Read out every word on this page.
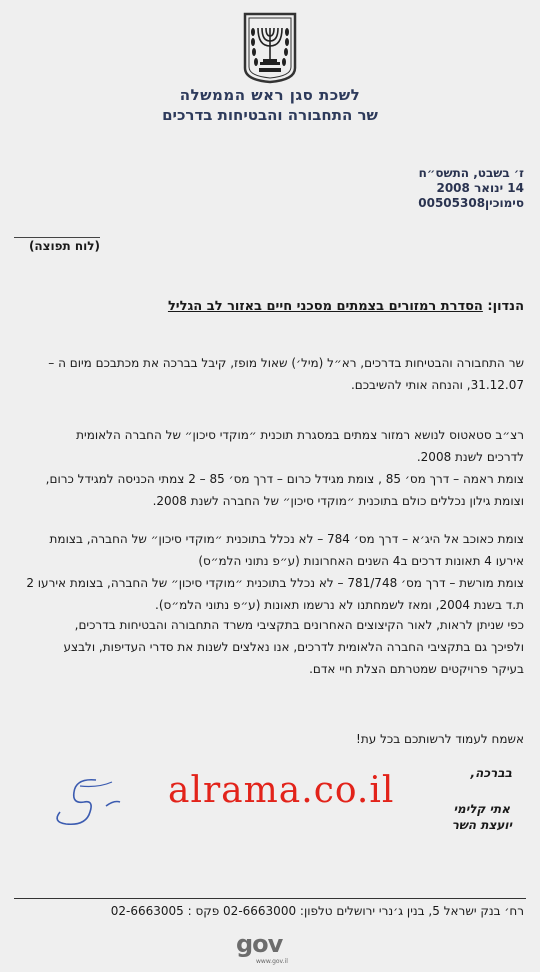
לשכת סגן ראש הממשלה
שר התחבורה והבטיחות בדרכים
ז׳ בשבט, התשס״ח
14 ינואר 2008
סימוכין00505308
(לוח תפוצה)
הנדון: הסדרת רמזורים בצמתים מסכני חיים באזור לב הגליל
שר התחבורה והבטיחות בדרכים, רא״ל (מיל׳) שאול מופז, קיבל בברכה את מכתבכם מיום ה –
31.12.07, והנחה אותי להשיבכם.
רצ״ב סטאטוס לנושא רמזור צמתים במסגרת תוכנית ״מוקדי סיכון״ של החברה הלאומית
לדרכים לשנת 2008.
צומת ראמה – דרך מס׳ 85 , צומת מגידל כרום – דרך מס׳ 85 – 2 צמתי הכניסה למגידל כרום,
וצומת גילון נכללים כולם בתוכנית ״מוקדי סיכון״ של החברה לשנת 2008.
צומת כאוכב אל היג׳א – דרך מס׳ 784 – לא נכלל בתוכנית ״מוקדי סיכון״ של החברה, בצומת
אירעו 4 תאונות דרכים ב4 השנים האחרונות (ע״פ נתוני הלמ״ס)
צומת מורשת – דרך מס׳ 781/748 – לא נכלל בתוכנית ״מוקדי סיכון״ של החברה, בצומת אירעו 2
ת.ד בשנת 2004, ומאז לשמחתנו לא נרשמו תאונות (ע״פ נתוני הלמ״ס).
כפי שניתן לראות, לאור הקיצוצים האחרונים בתקציבי משרד התחבורה והבטיחות בדרכים,
ולפיכך גם בתקציבי החברה הלאומית לדרכים, אנו נאלצים לשנות את סדרי העדיפות, ולבצע
בעיקר פרויקטים שמטרתם הצלת חיי אדם.
אשמח לעמוד לרשותכם בכל עת!
בברכה,
אתי קלימי
יועצת השר
alrama.co.il
רח׳ בנק ישראל 5, בנין ג׳נרי ירושלים טלפון: 02-6663000 פקס : 02-6663005
gov
www.gov.il
